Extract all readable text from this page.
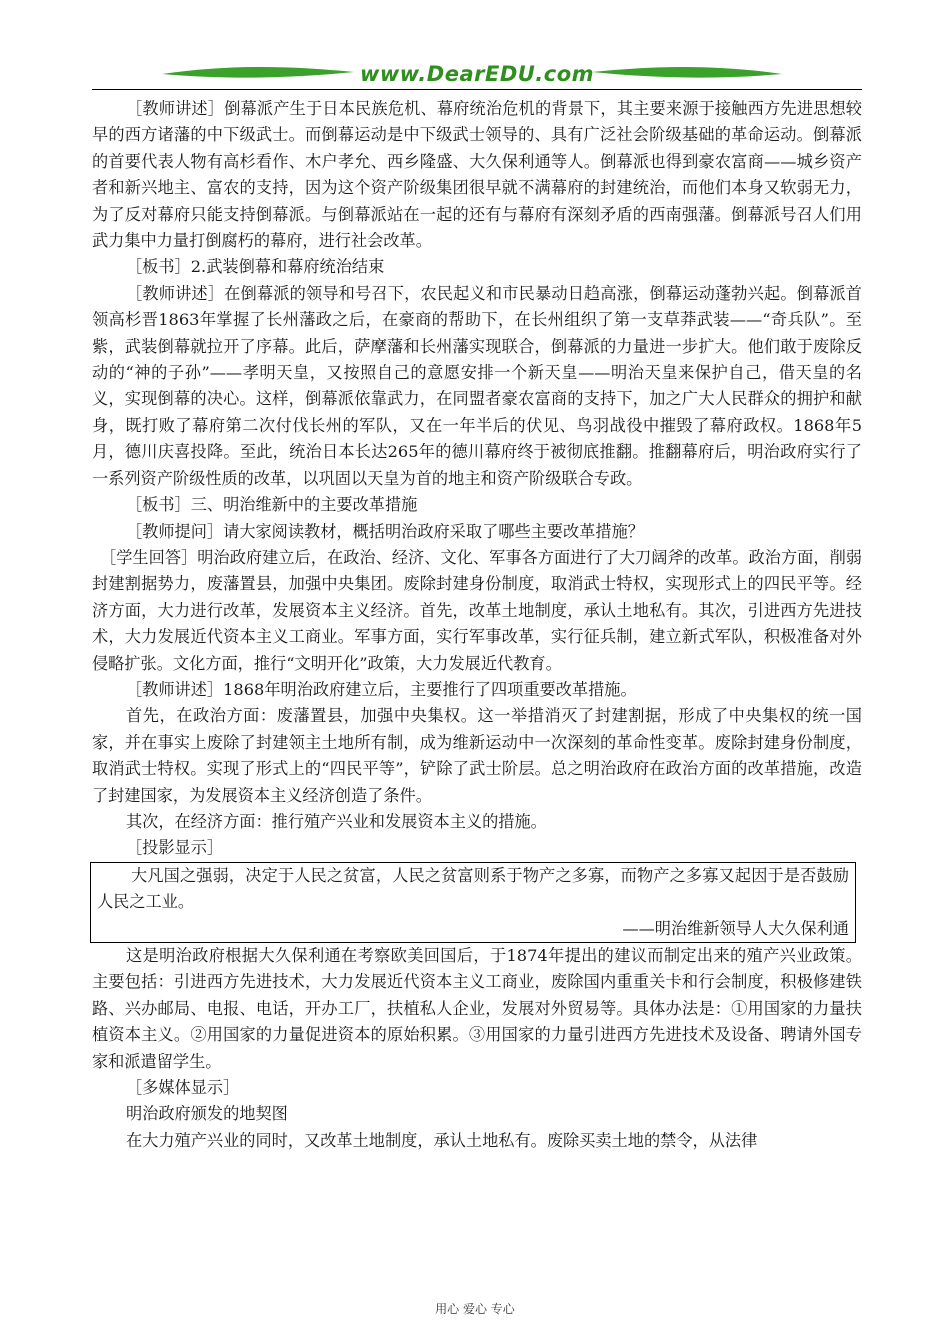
www.DearEDU.com

［教师讲述］倒幕派产生于日本民族危机、幕府统治危机的背景下，其主要来源于接触西方先进思想较早的西方诸藩的中下级武士。而倒幕运动是中下级武士领导的、具有广泛社会阶级基础的革命运动。倒幕派的首要代表人物有高杉看作、木户孝允、西乡隆盛、大久保利通等人。倒幕派也得到豪农富商——城乡资产者和新兴地主、富农的支持，因为这个资产阶级集团很早就不满幕府的封建统治，而他们本身又软弱无力，为了反对幕府只能支持倒幕派。与倒幕派站在一起的还有与幕府有深刻矛盾的西南强藩。倒幕派号召人们用武力集中力量打倒腐朽的幕府，进行社会改革。

［板书］2.武装倒幕和幕府统治结束

［教师讲述］在倒幕派的领导和号召下，农民起义和市民暴动日趋高涨，倒幕运动蓬勃兴起。倒幕派首领高杉晋1863年掌握了长州藩政之后，在豪商的帮助下，在长州组织了第一支草莽武装——“奇兵队”。至紫，武装倒幕就拉开了序幕。此后，萨摩藩和长州藩实现联合，倒幕派的力量进一步扩大。他们敢于废除反动的“神的子孙”——孝明天皇，又按照自己的意愿安排一个新天皇——明治天皇来保护自己，借天皇的名义，实现倒幕的决心。这样，倒幕派依靠武力，在同盟者豪农富商的支持下，加之广大人民群众的拥护和献身，既打败了幕府第二次付伐长州的军队，又在一年半后的伏见、鸟羽战役中摧毁了幕府政权。1868年5月，德川庆喜投降。至此，统治日本长达265年的德川幕府终于被彻底推翻。推翻幕府后，明治政府实行了一系列资产阶级性质的改革，以巩固以天皇为首的地主和资产阶级联合专政。

［板书］三、明治维新中的主要改革措施

［教师提问］请大家阅读教材，概括明治政府采取了哪些主要改革措施？

［学生回答］明治政府建立后，在政治、经济、文化、军事各方面进行了大刀阔斧的改革。政治方面，削弱封建割据势力，废藩置县，加强中央集团。废除封建身份制度，取消武士特权，实现形式上的四民平等。经济方面，大力进行改革，发展资本主义经济。首先，改革土地制度，承认土地私有。其次，引进西方先进技术，大力发展近代资本主义工商业。军事方面，实行军事改革，实行征兵制，建立新式军队，积极准备对外侵略扩张。文化方面，推行“文明开化”政策，大力发展近代教育。

［教师讲述］1868年明治政府建立后，主要推行了四项重要改革措施。

首先，在政治方面：废藩置县，加强中央集权。这一举措消灭了封建割据，形成了中央集权的统一国家，并在事实上废除了封建领主土地所有制，成为维新运动中一次深刻的革命性变革。废除封建身份制度，取消武士特权。实现了形式上的“四民平等”，铲除了武士阶层。总之明治政府在政治方面的改革措施，改造了封建国家，为发展资本主义经济创造了条件。

其次，在经济方面：推行殖产兴业和发展资本主义的措施。

［投影显示］

大凡国之强弱，决定于人民之贫富，人民之贫富则系于物产之多寡，而物产之多寡又起因于是否鼓励人民之工业。

——明治维新领导人大久保利通

这是明治政府根据大久保利通在考察欧美回国后，于1874年提出的建议而制定出来的殖产兴业政策。主要包括：引进西方先进技术，大力发展近代资本主义工商业，废除国内重重关卡和行会制度，积极修建铁路、兴办邮局、电报、电话，开办工厂，扶植私人企业，发展对外贸易等。具体办法是：①用国家的力量扶植资本主义。②用国家的力量促进资本的原始积累。③用国家的力量引进西方先进技术及设备、聘请外国专家和派遣留学生。

［多媒体显示］

明治政府颁发的地契图

在大力殖产兴业的同时，又改革土地制度，承认土地私有。废除买卖土地的禁令，从法律

用心 爱心 专心
